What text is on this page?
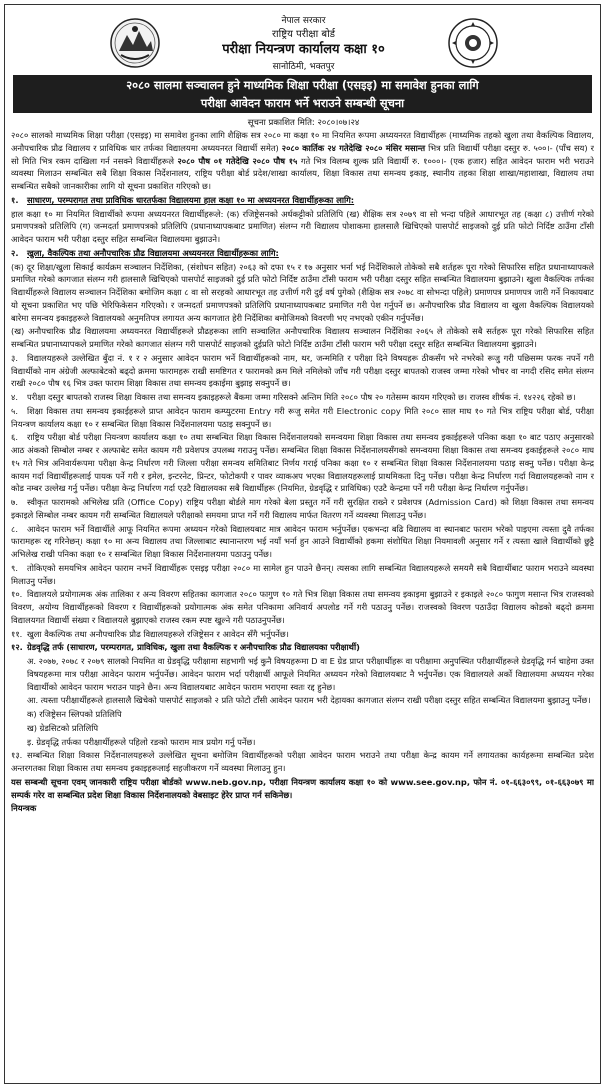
नेपाल सरकार
राष्ट्रिय परीक्षा बोर्ड
परीक्षा नियन्त्रण कार्यालय कक्षा १०
सानोठिमी, भक्तपुर
२०८० सालमा सञ्चालन हुने माध्यमिक शिक्षा परीक्षा (एसइइ) मा समावेश हुनका लागि
परीक्षा आवेदन फाराम भर्ने भराउने सम्बन्धी सूचना
सूचना प्रकाशित मिति: २०८०।०७।२४

२०८० सालको माध्यमिक शिक्षा परीक्षा (एसइइ) मा समावेश हुनका लागि शैक्षिक सत्र २०८० मा कक्षा १० मा नियमित रूपमा अध्ययनरत विद्यार्थीहरू (माध्यमिक तहको खुला तथा वैकल्पिक विद्यालय, अनौपचारिक प्रौढ विद्यालय र प्राविधिक धार तर्फका विद्यालयमा अध्ययनरत विद्यार्थी समेत) २०८० कार्तिक २४ गतेदेखि २०८० मंसिर मसान्त भित्र प्रति विद्यार्थी परीक्षा दस्तुर रु. ५००।- (पाँच सय) र सो मिति भित्र रकम दाखिला गर्न नसक्ने विद्यार्थीहरूले २०८० पौष ०१ गतेदेखि २०८० पौष १५ गते भित्र विलम्ब शुल्क प्रति विद्यार्थी रु. १०००।- (एक हजार) सहित आवेदन फाराम भरी भराउने व्यवस्था मिलाउन सम्बन्धित सबै शिक्षा विकास निर्देशनालय, राष्ट्रिय परीक्षा बोर्ड प्रदेश/शाखा कार्यालय, शिक्षा विकास तथा समन्वय इकाइ, स्थानीय तहका शिक्षा शाखा/महाशाखा, विद्यालय तथा सम्बन्धित सबैको जानकारीका लागि यो सूचना प्रकाशित गरिएको छ।

१. साधारण, परम्परागत तथा प्राविधिक धारतर्फका विद्यालयमा हाल कक्षा १० मा अध्ययनरत विद्यार्थीहरूका लागि:

हाल कक्षा १० मा नियमित विद्यार्थीको रूपमा अध्ययनरत विद्यार्थीहरूले: (क) रजिष्ट्रेसनको अर्धकट्टीको प्रतिलिपि (ख) शैक्षिक सत्र २०७९ वा सो भन्दा पहिले आधारभूत तह (कक्षा ८) उत्तीर्ण गरेको प्रमाणपत्रको प्रतिलिपि (ग) जन्मदर्ता प्रमाणपत्रको प्रतिलिपि (प्रधानाध्यापकबाट प्रमाणित) संलग्न गरी विद्यालय पोशाकमा हालसालै खिचिएको पासपोर्ट साइजको दुई प्रति फोटो निर्दिष्ट ठाउँमा टाँसी आवेदन फाराम भरी परीक्षा दस्तुर सहित सम्बन्धित विद्यालयमा बुझाउने।

२. खुला, वैकल्पिक तथा अनौपचारिक प्रौढ विद्यालयमा अध्ययनरत विद्यार्थीहरूका लागि:

(क) दूर शिक्षा/खुला सिकाई कार्यक्रम सञ्चालन निर्देशिका, (संशोधन सहित) २०६३ को दफा १५ र १७ अनुसार भर्ना भई निर्देशिकाले तोकेको सबै शर्तहरू पूरा गरेको सिफारिस सहित प्रधानाध्यापकले प्रमाणित गरेको कागजात संलग्न गरी हालसालै खिचिएको पासपोर्ट साइजको दुई प्रति फोटो निर्दिष्ट ठाउँमा टाँसी फाराम भरी परीक्षा दस्तुर सहित सम्बन्धित विद्यालयमा बुझाउने। खुला वैकल्पिक तर्फका विद्यार्थीहरूले विद्यालय सञ्चालन निर्देशिका बमोजिम कक्षा ८ वा सो सरहको आधारभूत तह उत्तीर्ण गरी दुई वर्ष पुगेको (शैक्षिक सत्र २०७८ वा सोभन्दा पहिले) प्रमाणपत्र प्रमाणपत्र जारी गर्ने निकायबाट यो सूचना प्रकाशित भए पछि भेरिफिकेसन गरिएको। र जन्मदर्ता प्रमाणपत्रको प्रतिलिपि प्रधानाध्यापकबाट प्रमाणित गरी पेश गर्नुपर्ने छ। अनौपचारिक प्रौढ विद्यालय वा खुला वैकल्पिक विद्यालयको बारेमा समन्वय इकाइहरूले विद्यालयको अनुमतिपत्र लगायत अन्य कागजात हेरी निर्देशिका बमोजिमको विवरणी भए नभएको एकीन गर्नुपर्नेछ।

(ख) अनौपचारिक प्रौढ विद्यालयमा अध्ययनरत विद्यार्थीहरूले प्रौढहरूका लागि सञ्चालित अनौपचारिक विद्यालय सञ्चालन निर्देशिका २०६५ ले तोकेको सबै सर्तहरू पूरा गरेको सिफारिस सहित सम्बन्धित प्रधानाध्यापकले प्रमाणित गरेको कागजात संलग्न गरी पासपोर्ट साइजको दुईप्रति फोटो निर्दिष्ट ठाउँमा टाँसी फाराम भरी परीक्षा दस्तुर सहित सम्बन्धित विद्यालयमा बुझाउने।

३. विद्यालयहरूले उल्लेखित बुँदा नं. १ र २ अनुसार आवेदन फाराम भर्ने विद्यार्थीहरूको नाम, थर, जन्ममिति र परीक्षा दिने विषयहरू ठीकसँग भरे नभरेको रूजु गरी पछिसम्म फरक नपर्ने गरी विद्यार्थीको नाम अंग्रेजी अल्फाबेटको बढ्दो क्रममा फारामहरू राखी समष्टिगत र फारामको क्रम मिले नमिलेको जाँच गरी परीक्षा दस्तुर बापतको राजस्व जम्मा गरेको भौचर वा नगदी रसिद समेत संलग्न राखी २०८० पौष १६ भित्र उक्त फाराम शिक्षा विकास तथा समन्वय इकाईमा बुझाइ सक्नुपर्ने छ।

४. परीक्षा दस्तुर बापतको राजस्व शिक्षा विकास तथा समन्वय इकाइहरूले बैंकमा जम्मा गरिसक्ने अन्तिम मिति २०८० पौष २० गतेसम्म कायम गरिएको छ। राजस्व शीर्षक नं. १४२२६ रहेको छ।

५. शिक्षा विकास तथा समन्वय इकाईहरूले प्राप्त आवेदन फाराम कम्प्युटरमा Entry गरी रूजु समेत गरी Electronic copy मिति २०८० साल माघ १० गते भित्र राष्ट्रिय परीक्षा बोर्ड, परीक्षा नियन्त्रण कार्यालय कक्षा १० र सम्बन्धित शिक्षा विकास निर्देशनालयमा पठाइ सक्नुपर्ने छ।

६. राष्ट्रिय परीक्षा बोर्ड परीक्षा नियन्त्रण कार्यालय कक्षा १० तथा सम्बन्धित शिक्षा विकास निर्देशनालयको समन्वयमा शिक्षा विकास तथा समन्वय इकाईहरूले पनिका कक्षा १० बाट पठाए अनुसारको आठ अंकको सिम्बोल नम्बर र अल्फाबेट समेत कायम गरी प्रवेशपत्र उपलब्ध गराउनु पर्नेछ। सम्बन्धित शिक्षा विकास निर्देशनालयसँगको समन्वयमा शिक्षा विकास तथा समन्वय इकाईहरूले २०८० माघ १५ गते भित्र अनिवार्यरूपमा परीक्षा केन्द्र निर्धारण गरी जिल्ला परीक्षा समन्वय समितिबाट निर्णय गराई पनिका कक्षा १० र सम्बन्धित शिक्षा विकास निर्देशनालयमा पठाइ सक्नु पर्नेछ। परीक्षा केन्द्र कायम गर्दा विद्यार्थीहरूलाई पायक पर्ने गरी र इमेल, इन्टरनेट, प्रिन्टर, फोटोकपी र पावर व्याकअप भएका विद्यालयहरूलाई प्राथमिकता दिनु पर्नेछ। परीक्षा केन्द्र निर्धारण गर्दा विद्यालयहरूको नाम र कोड नम्बर उल्लेख गर्नु पर्नेछ। परीक्षा केन्द्र निर्धारण गर्दा एउटै विद्यालयका सबै विद्यार्थीहरू (नियमित, ग्रेडवृद्धि र प्राविधिक) एउटै केन्द्रमा पर्ने गरी परीक्षा केन्द्र निर्धारण गर्नुपर्नेछ।

७. स्वीकृत फारामको अभिलेख प्रति (Office Copy) राष्ट्रिय परीक्षा बोर्डले माग गरेको बेला प्रस्तुत गर्ने गरी सुरक्षित राख्ने र प्रवेशपत्र (Admission Card) को शिक्षा विकास तथा समन्वय इकाइले सिम्बोल नम्बर कायम गरी सम्बन्धित विद्यालयले परीक्षाको समयमा प्राप्त गर्ने गरी विद्यालय मार्फत वितरण गर्ने व्यवस्था मिलाउनु पर्नेछ।

८. आवेदन फाराम भर्ने विद्यार्थीले आफू नियमित रूपमा अध्ययन गरेको विद्यालयबाट मात्र आवेदन फाराम भर्नुपर्नेछ। एकभन्दा बढि विद्यालय वा स्थानबाट फाराम भरेको पाइएमा त्यस्ता दुवै तर्फका फारामहरू रद्द गरिनेछन्। कक्षा १० मा अन्य विद्यालय तथा जिल्लाबाट स्थानान्तरण भई नयाँ भर्ना हुन आउने विद्यार्थीको हकमा संशोधित शिक्षा नियमावली अनुसार गर्ने र त्यस्ता खाले विद्यार्थीको छुट्टै अभिलेख राखी पनिका कक्षा १० र सम्बन्धित शिक्षा विकास निर्देशनालयमा पठाउनु पर्नेछ।

९. तोकिएको समयभित्र आवेदन फाराम नभर्ने विद्यार्थीहरू एसइइ परीक्षा २०८० मा सामेल हुन पाउने छैनन्। त्यसका लागि सम्बन्धित विद्यालयहरूले समयमै सबै विद्यार्थीबाट फाराम भराउने व्यवस्था मिलाउनु पर्नेछ।

१०. विद्यालयले प्रयोगात्मक अंक तालिका र अन्य विवरण सहितका कागजात २०८० फागुण १० गते भित्र शिक्षा विकास तथा समन्वय इकाइमा बुझाउने र इकाइले २०८० फागुण मसान्त भित्र राजस्वको विवरण, अयोग्य विद्यार्थीहरूको विवरण र विद्यार्थीहरूको प्रयोगात्मक अंक समेत पनिकामा अनिवार्य अपलोड गर्ने गरी पठाउनु पर्नेछ। राजस्वको विवरण पठाउँदा विद्यालय कोडको बढ्दो क्रममा विद्यालयगत विद्यार्थी संख्या र विद्यालयले बुझाएको राजस्व रकम स्पष्ट खुल्ने गरी पठाउनुपर्नेछ।

११. खुला वैकल्पिक तथा अनौपचारिक प्रौढ विद्यालयहरूले रजिष्ट्रेसन र आवेदन सँगै भर्नुपर्नेछ।

१२. ग्रेडवृद्धि तर्फ (साधारण, परम्परागत, प्राविधिक, खुला तथा वैकल्पिक र अनौपचारिक प्रौढ विद्यालयका परीक्षार्थी)

अ. २०७७, २०७८ र २०७९ सालको नियमित वा ग्रेडवृद्धि परीक्षामा सहभागी भई कुनै विषयहरूमा D वा E ग्रेड प्राप्त परीक्षार्थीहरू वा परीक्षामा अनुपस्थित परीक्षार्थीहरूले ग्रेडवृद्धि गर्न चाहेमा उक्त विषयहरूमा मात्र परीक्षा आवेदन फाराम भर्नुपर्नेछ। आवेदन फाराम भर्दा परीक्षार्थी आफूले नियमित अध्ययन गरेको विद्यालयबाट नै भर्नुपर्नेछ। एक विद्यालयले अर्को विद्यालयमा अध्ययन गरेका विद्यार्थीको आवेदन फाराम भराउन पाइने छैन। अन्य विद्यालयबाट आवेदन फाराम भराएमा स्वतः रद्द हुनेछ।

आ. त्यस्ता परीक्षार्थीहरूले हालसालै खिचेको पासपोर्ट साइजको २ प्रति फोटो टाँसी आवेदन फाराम भरी देहायका कागजात संलग्न राखी परीक्षा दस्तुर सहित सम्बन्धित विद्यालयमा बुझाउनु पर्नेछ।

क) रजिष्ट्रेसन स्लिपको प्रतिलिपि

ख) ग्रेडसिटको प्रतिलिपि

इ. ग्रेडवृद्धि तर्फका परीक्षार्थीहरूले पहिलो रङको फाराम मात्र प्रयोग गर्नु पर्नेछ।

१३. सम्बन्धित शिक्षा विकास निर्देशनालयहरूले उल्लेखित सूचना बमोजिम विद्यार्थीहरूको परीक्षा आवेदन फाराम भराउने तथा परीक्षा केन्द्र कायम गर्ने लगायतका कार्यहरूमा सम्बन्धित प्रदेश अन्तरगतका शिक्षा विकास तथा समन्वय इकाइहरूलाई सहजीकरण गर्ने व्यवस्था मिलाउनु हुन।

यस सम्बन्धी सूचना एवम् जानकारी राष्ट्रिय परीक्षा बोर्डको www.neb.gov.np, परीक्षा नियन्त्रण कार्यालय कक्षा १० को www.see.gov.np, फोन नं. ०१-६६३०९९, ०१-६६३०७९ मा सम्पर्क गरेर वा सम्बन्धित प्रदेश शिक्षा विकास निर्देशनालयको वेबसाइट हेरेर प्राप्त गर्न सकिनेछ।

नियन्त्रक
